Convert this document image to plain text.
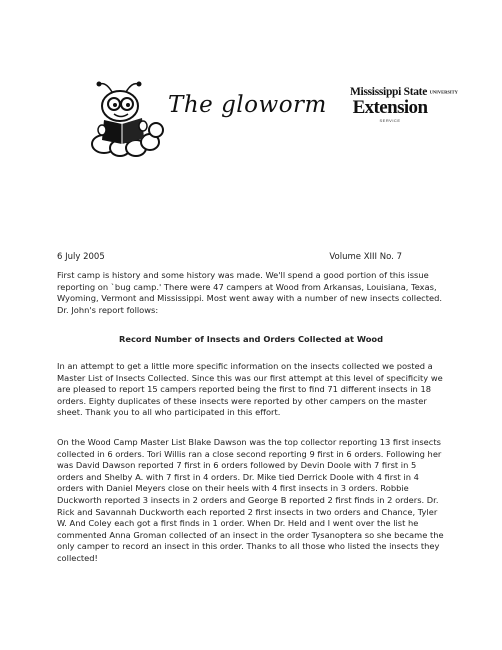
The gloworm Mississippi State UNIVERSITY
Extension
SERVICE
6 July 2005	Volume XIII No. 7
First camp is history and some history was made. We'll spend a good portion of this issue reporting on `bug camp.' There were 47 campers at Wood from Arkansas, Louisiana, Texas, Wyoming, Vermont and Mississippi. Most went away with a number of new insects collected. Dr. John's report follows:
Record Number of Insects and Orders Collected at Wood
In an attempt to get a little more specific information on the insects collected we posted a Master List of Insects Collected. Since this was our first attempt at this level of specificity we are pleased to report 15 campers reported being the first to find 71 different insects in 18 orders. Eighty duplicates of these insects were reported by other campers on the master sheet. Thank you to all who participated in this effort.
On the Wood Camp Master List Blake Dawson was the top collector reporting 13 first insects collected in 6 orders. Tori Willis ran a close second reporting 9 first in 6 orders. Following her was David Dawson reported 7 first in 6 orders followed by Devin Doole with 7 first in 5 orders and Shelby A. with 7 first in 4 orders. Dr. Mike tied Derrick Doole with 4 first in 4 orders with Daniel Meyers close on their heels with 4 first insects in 3 orders. Robbie Duckworth reported 3 insects in 2 orders and George B reported 2 first finds in 2 orders. Dr. Rick and Savannah Duckworth each reported 2 first insects in two orders and Chance, Tyler W. And Coley each got a first finds in 1 order. When Dr. Held and I went over the list he commented Anna Groman collected of an insect in the order Tysanoptera so she became the only camper to record an insect in this order. Thanks to all those who listed the insects they collected!
